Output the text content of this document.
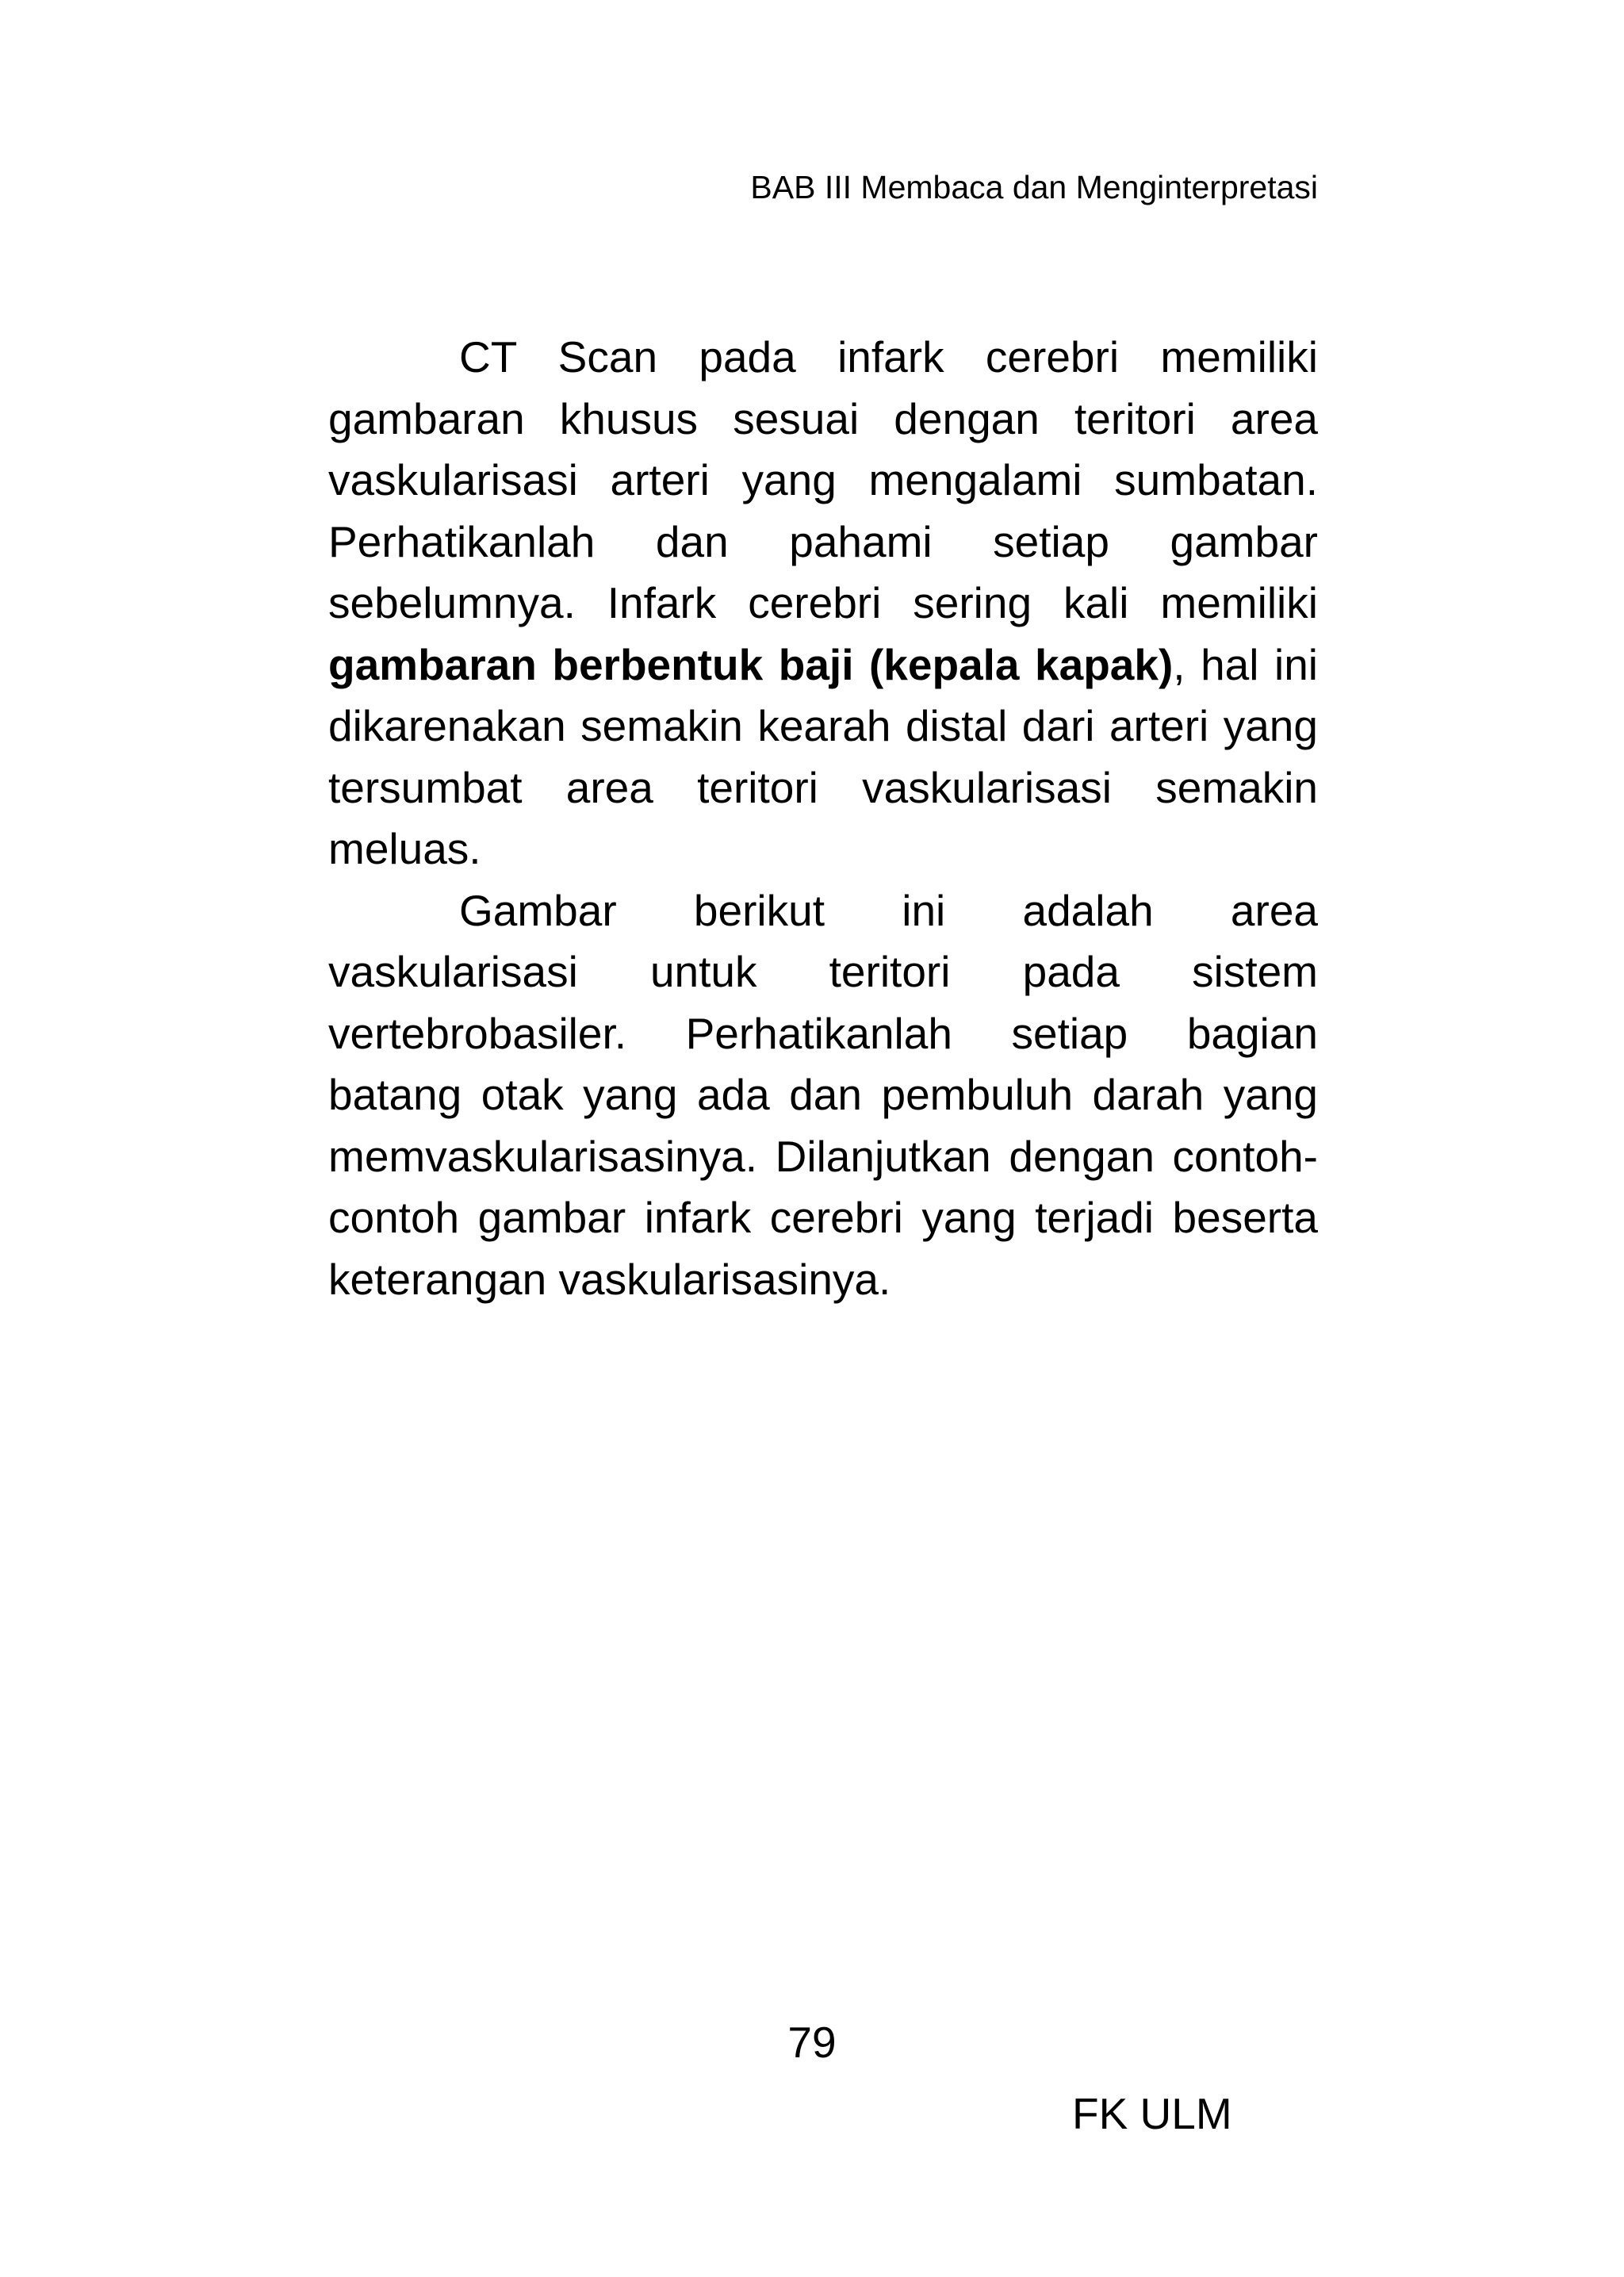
BAB III Membaca dan Menginterpretasi

CT Scan pada infark cerebri memiliki gambaran khusus sesuai dengan teritori area vaskularisasi arteri yang mengalami sumbatan. Perhatikanlah dan pahami setiap gambar sebelumnya. Infark cerebri sering kali memiliki gambaran berbentuk baji (kepala kapak), hal ini dikarenakan semakin kearah distal dari arteri yang tersumbat area teritori vaskularisasi semakin meluas.

Gambar berikut ini adalah area vaskularisasi untuk teritori pada sistem vertebrobasiler. Perhatikanlah setiap bagian batang otak yang ada dan pembuluh darah yang memvaskularisasinya. Dilanjutkan dengan contoh-contoh gambar infark cerebri yang terjadi beserta keterangan vaskularisasinya.

79
FK ULM
